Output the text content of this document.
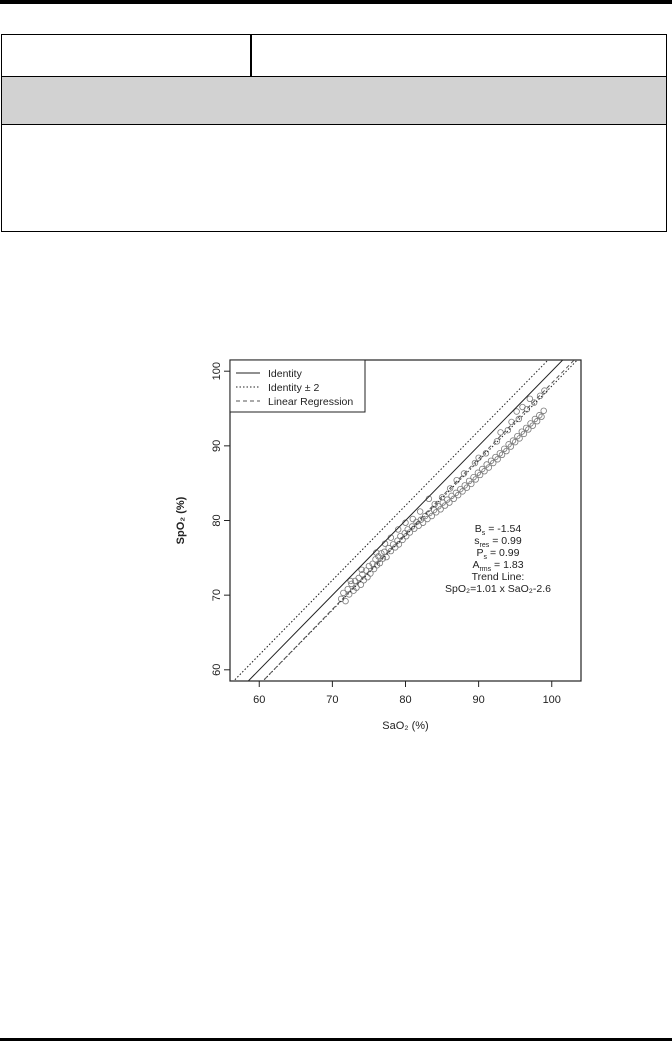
60	70	80	90	100
60
70
80
90
100
SaO₂ (%)
SpO₂ (%)
Identity
Identity ± 2
Linear Regression
$B_s = -1.54$
$s_{res} = 0.99$
$P_s = 0.99$
$A_{rms} = 1.83$
Trend Line:
SpO₂=1.01 x SaO₂-2.6
